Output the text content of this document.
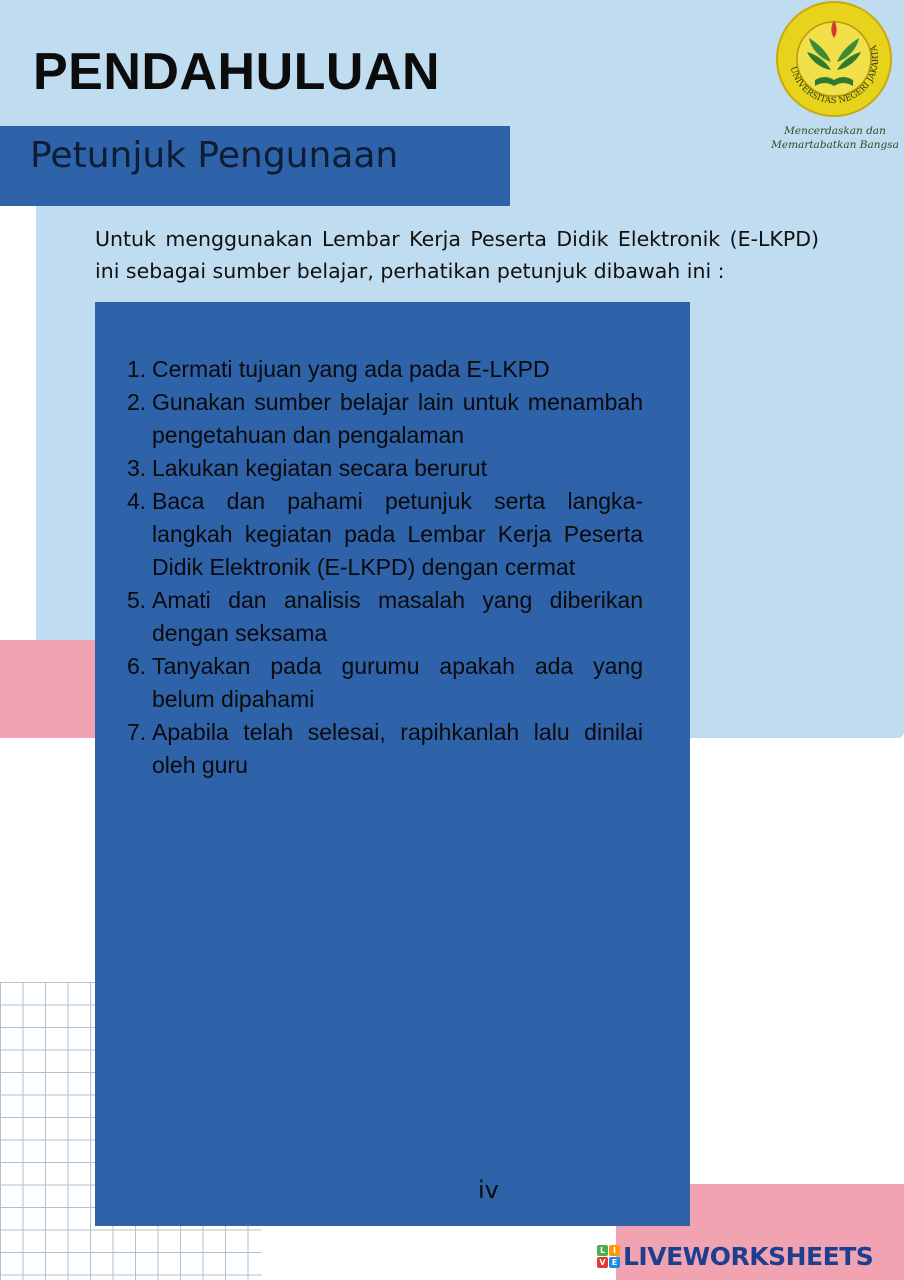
PENDAHULUAN
Petunjuk Pengunaan
UNIVERSITAS NEGERI JAKARTA
Mencerdaskan dan
Memartabatkan Bangsa

Untuk menggunakan Lembar Kerja Peserta Didik Elektronik (E-LKPD) ini sebagai sumber belajar, perhatikan petunjuk dibawah ini :

1. Cermati tujuan yang ada pada E-LKPD
2. Gunakan sumber belajar lain untuk menambah pengetahuan dan pengalaman
3. Lakukan kegiatan secara berurut
4. Baca dan pahami petunjuk serta langka-langkah kegiatan pada Lembar Kerja Peserta Didik Elektronik (E-LKPD) dengan cermat
5. Amati dan analisis masalah yang diberikan dengan seksama
6. Tanyakan pada gurumu apakah ada yang belum dipahami
7. Apabila telah selesai, rapihkanlah lalu dinilai oleh guru
iv
L I
V E LIVEWORKSHEETS
